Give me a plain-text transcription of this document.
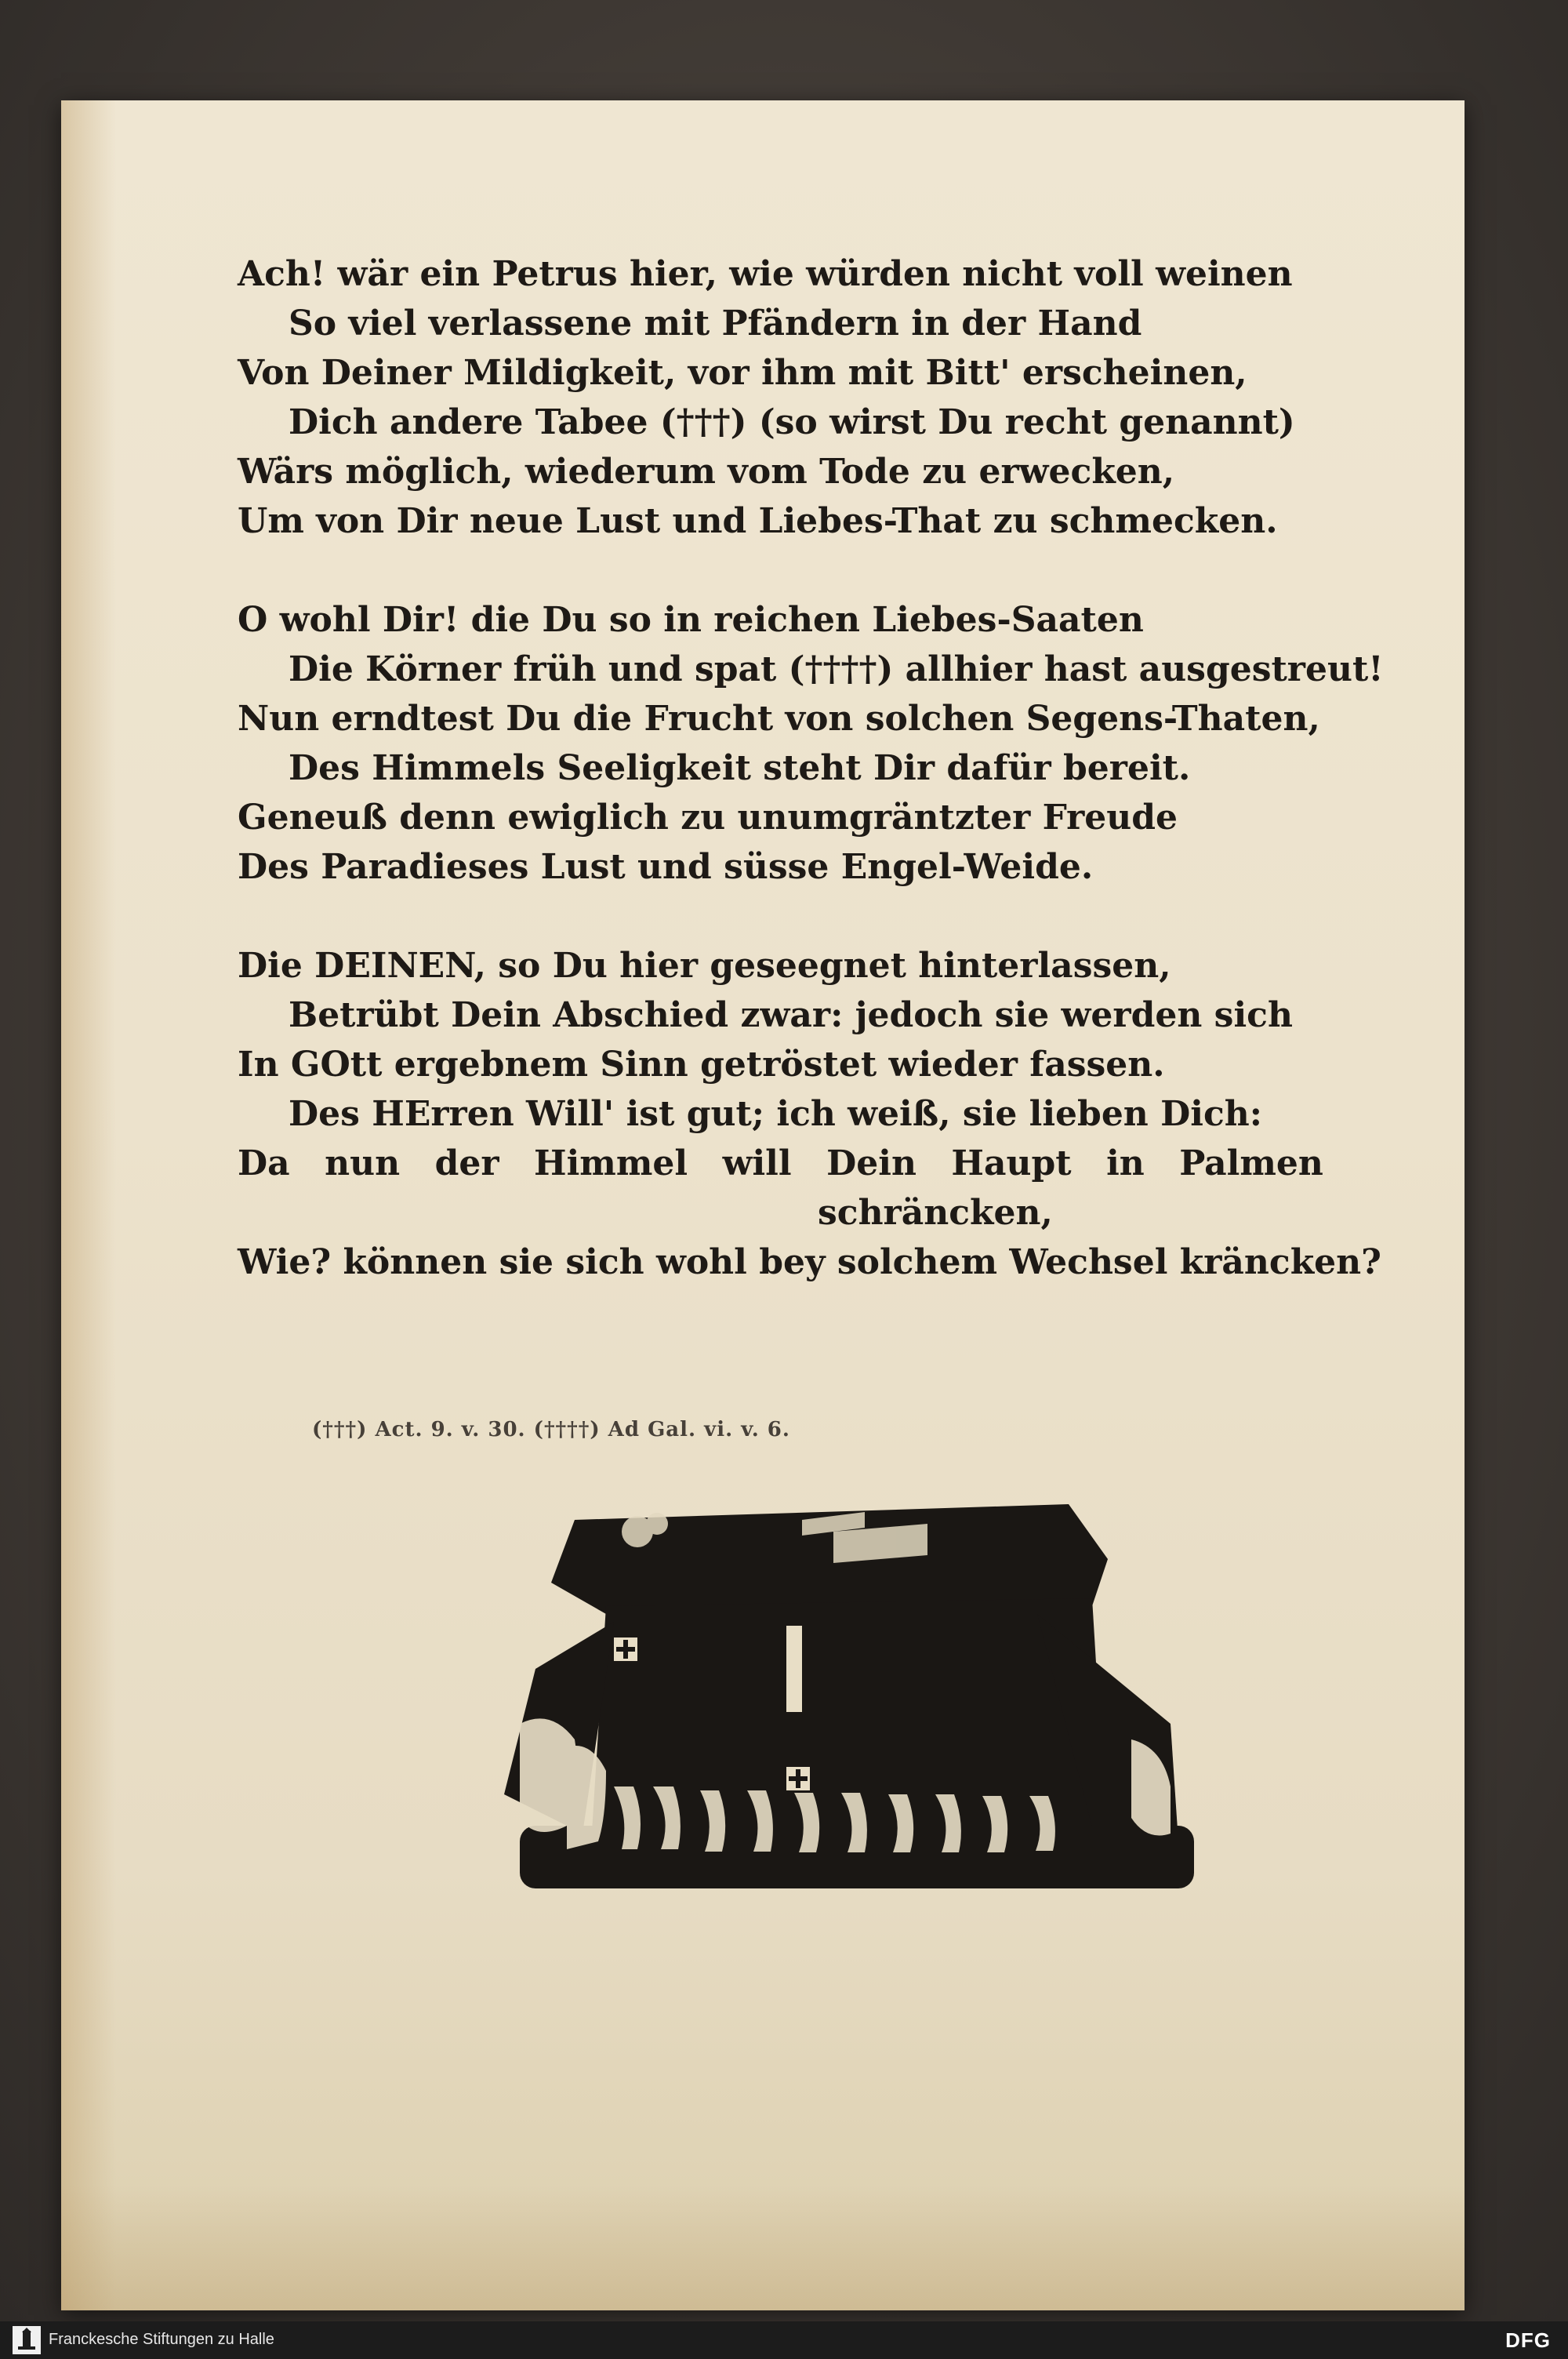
Ach! wär ein Petrus hier, wie würden nicht voll weinen
So viel verlassene mit Pfändern in der Hand
Von Deiner Mildigkeit, vor ihm mit Bitt' erscheinen,
Dich andere Tabee (†††) (so wirst Du recht genannt)
Wärs möglich, wiederum vom Tode zu erwecken,
Um von Dir neue Lust und Liebes-That zu schmecken.
O wohl Dir! die Du so in reichen Liebes-Saaten
Die Körner früh und spat (††††) allhier hast ausgestreut!
Nun erndtest Du die Frucht von solchen Segens-Thaten,
Des Himmels Seeligkeit steht Dir dafür bereit.
Geneuß denn ewiglich zu unumgräntzter Freude
Des Paradieses Lust und süsse Engel-Weide.
Die DEINEN, so Du hier geseegnet hinterlassen,
Betrübt Dein Abschied zwar: jedoch sie werden sich
In GOtt ergebnem Sinn getröstet wieder fassen.
Des HErren Will' ist gut; ich weiß, sie lieben Dich:
Da nun der Himmel will Dein Haupt in Palmen
schräncken,
Wie? können sie sich wohl bey solchem Wechsel kräncken?
(†††) Act. 9. v. 30. (††††) Ad Gal. vi. v. 6.
Franckesche Stiftungen zu Halle	DFG
